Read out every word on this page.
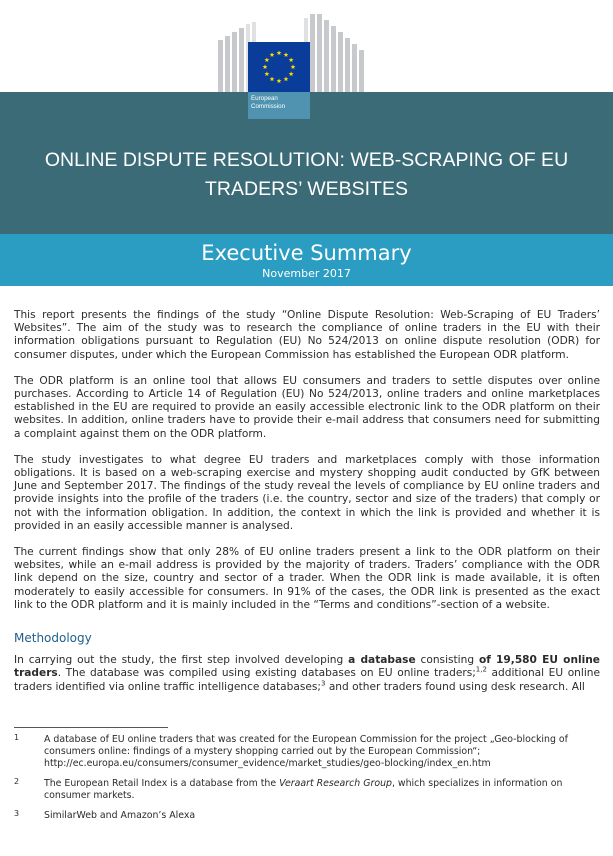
European
Commission
ONLINE DISPUTE RESOLUTION: WEB-SCRAPING OF EU
TRADERS’ WEBSITES
Executive Summary
November 2017

This report presents the findings of the study “Online Dispute Resolution: Web-Scraping of EU Traders’ Websites”. The aim of the study was to research the compliance of online traders in the EU with their information obligations pursuant to Regulation (EU) No 524/2013 on online dispute resolution (ODR) for consumer disputes, under which the European Commission has established the European ODR platform.

The ODR platform is an online tool that allows EU consumers and traders to settle disputes over online purchases. According to Article 14 of Regulation (EU) No 524/2013, online traders and online marketplaces established in the EU are required to provide an easily accessible electronic link to the ODR platform on their websites. In addition, online traders have to provide their e-mail address that consumers need for submitting a complaint against them on the ODR platform.

The study investigates to what degree EU traders and marketplaces comply with those information obligations. It is based on a web-scraping exercise and mystery shopping audit conducted by GfK between June and September 2017. The findings of the study reveal the levels of compliance by EU online traders and provide insights into the profile of the traders (i.e. the country, sector and size of the traders) that comply or not with the information obligation. In addition, the context in which the link is provided and whether it is provided in an easily accessible manner is analysed.

The current findings show that only 28% of EU online traders present a link to the ODR platform on their websites, while an e-mail address is provided by the majority of traders. Traders’ compliance with the ODR link depend on the size, country and sector of a trader. When the ODR link is made available, it is often moderately to easily accessible for consumers. In 91% of the cases, the ODR link is presented as the exact link to the ODR platform and it is mainly included in the “Terms and conditions”-section of a website.

Methodology

In carrying out the study, the first step involved developing a database consisting of 19,580 EU online traders. The database was compiled using existing databases on EU online traders;$^{1,2}$ additional EU online traders identified via online traffic intelligence databases;$^3$ and other traders found using desk research. All

1	A database of EU online traders that was created for the European Commission for the project „Geo-blocking of consumers online: findings of a mystery shopping carried out by the European Commission“; http://ec.europa.eu/consumers/consumer_evidence/market_studies/geo-blocking/index_en.htm
2	The European Retail Index is a database from the Veraart Research Group, which specializes in information on consumer markets.
3	SimilarWeb and Amazon’s Alexa
